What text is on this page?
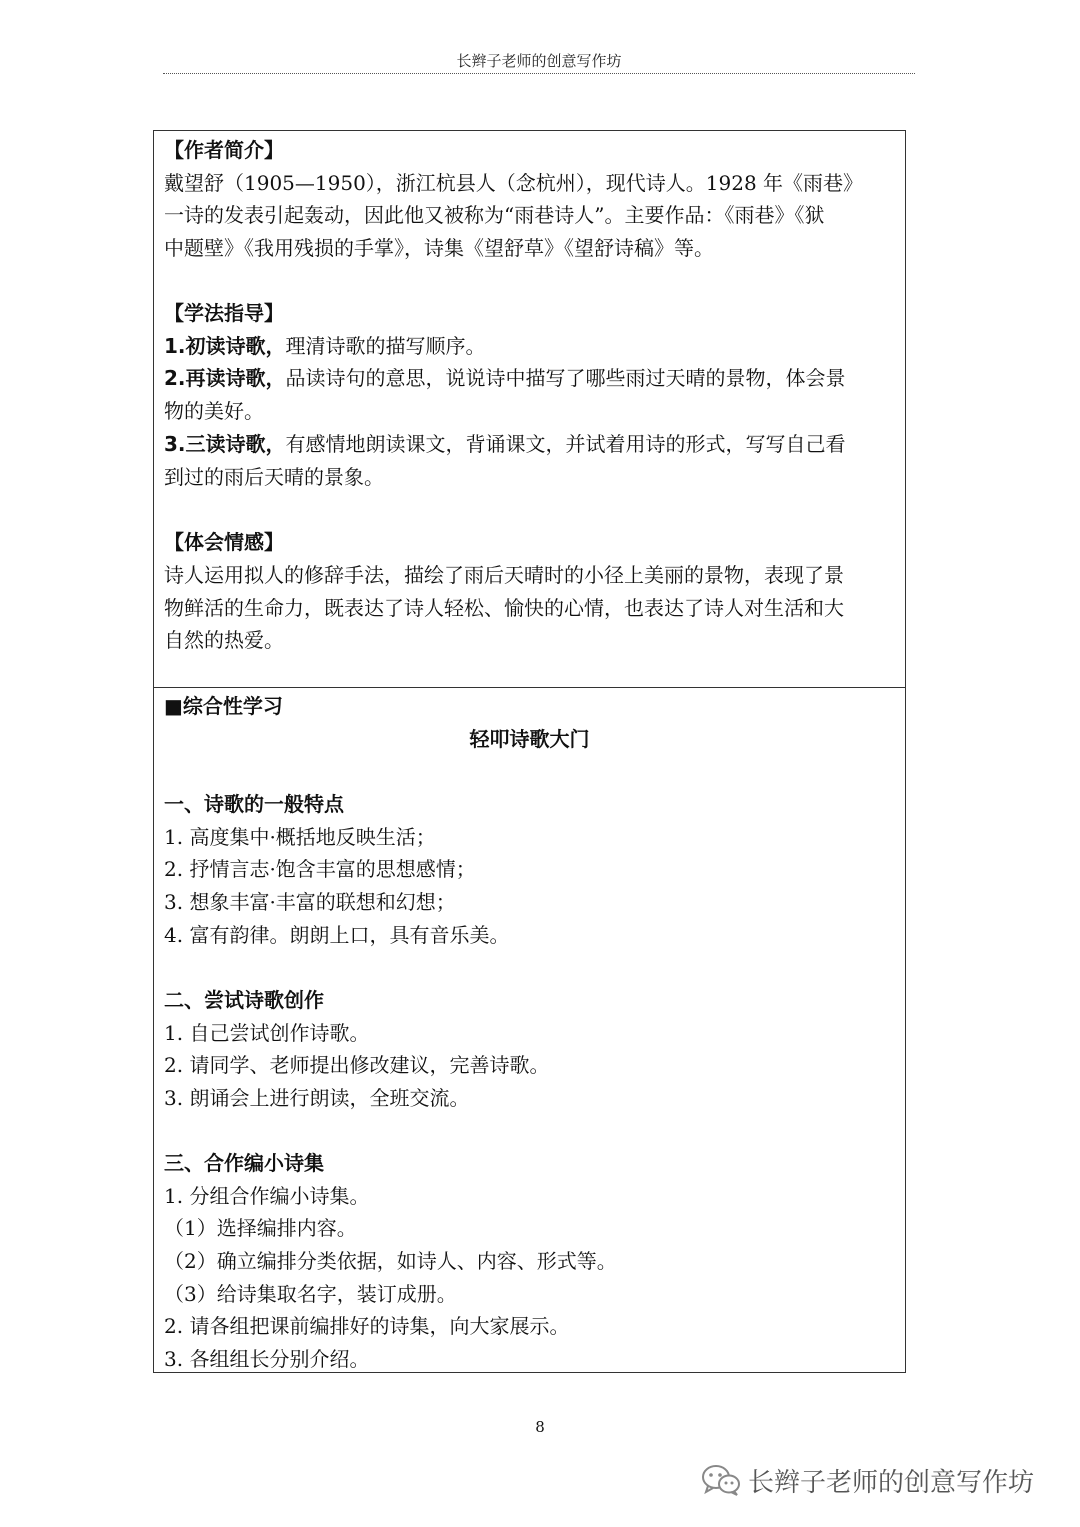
长辫子老师的创意写作坊
【作者简介】
戴望舒（1905—1950），浙江杭县人（念杭州），现代诗人。1928 年《雨巷》
一诗的发表引起轰动，因此他又被称为“雨巷诗人”。主要作品：《雨巷》《狱
中题壁》《我用残损的手掌》，诗集《望舒草》《望舒诗稿》等。
【学法指导】
1.初读诗歌，理清诗歌的描写顺序。
2.再读诗歌，品读诗句的意思，说说诗中描写了哪些雨过天晴的景物，体会景
物的美好。
3.三读诗歌，有感情地朗读课文，背诵课文，并试着用诗的形式，写写自己看
到过的雨后天晴的景象。
【体会情感】
诗人运用拟人的修辞手法，描绘了雨后天晴时的小径上美丽的景物，表现了景
物鲜活的生命力，既表达了诗人轻松、愉快的心情，也表达了诗人对生活和大
自然的热爱。
■综合性学习
轻叩诗歌大门
一、诗歌的一般特点
1. 高度集中·概括地反映生活；
2. 抒情言志·饱含丰富的思想感情；
3. 想象丰富·丰富的联想和幻想；
4. 富有韵律。朗朗上口，具有音乐美。
二、尝试诗歌创作
1. 自己尝试创作诗歌。
2. 请同学、老师提出修改建议，完善诗歌。
3. 朗诵会上进行朗读，全班交流。
三、合作编小诗集
1. 分组合作编小诗集。
（1）选择编排内容。
（2）确立编排分类依据，如诗人、内容、形式等。
（3）给诗集取名字，装订成册。
2. 请各组把课前编排好的诗集，向大家展示。
3. 各组组长分别介绍。
8
长辫子老师的创意写作坊
